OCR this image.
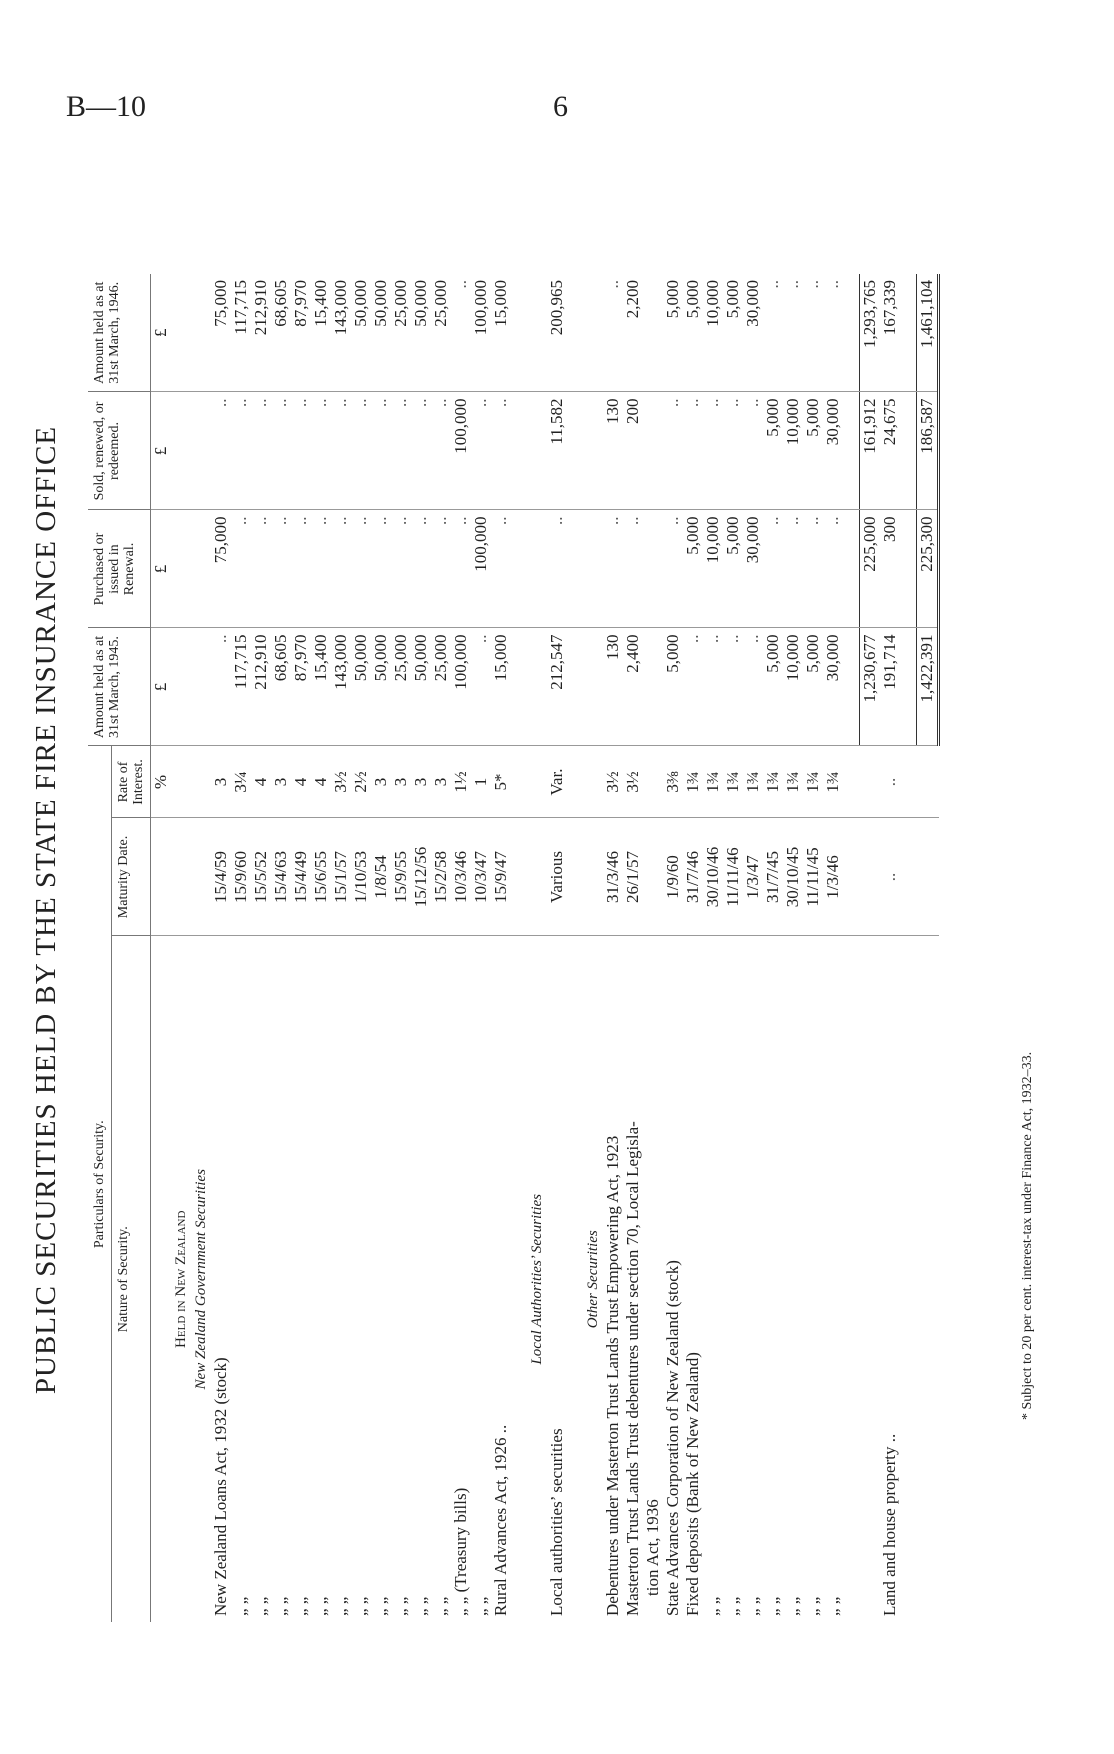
B—10	6
PUBLIC SECURITIES HELD BY THE STATE FIRE INSURANCE OFFICE Particulars of Security.			Amount held as at 31st March, 1945.	Purchased or issued in Renewal.	Sold, renewed, or redeemed.	Amount held as at 31st March, 1946.
Nature of Security.	Maturity Date.	Rate of Interest.				
		%	£	£	£	£
Held in New Zealand						
New Zealand Government Securities						
New Zealand Loans Act, 1932 (stock)	15/4/59	3	..	75,000	..	75,000
„ „	15/9/60	3¼	117,715	..	..	117,715
„ „	15/5/52	4	212,910	..	..	212,910
„ „	15/4/63	3	68,605	..	..	68,605
„ „	15/4/49	4	87,970	..	..	87,970
„ „	15/6/55	4	15,400	..	..	15,400
„ „	15/1/57	3½	143,000	..	..	143,000
„ „	1/10/53	2½	50,000	..	..	50,000
„ „	1/8/54	3	50,000	..	..	50,000
„ „	15/9/55	3	25,000	..	..	25,000
„ „	15/12/56	3	50,000	..	..	50,000
„ „	15/2/58	3	25,000	..	..	25,000
„ „ (Treasury bills)	10/3/46	1½	100,000	..	100,000	..
„ „	10/3/47	1	..	100,000	..	100,000
Rural Advances Act, 1926 ..	15/9/47	5*	15,000	..	..	15,000

Local Authorities’ Securities						
Local authorities’ securities	Various	Var.	212,547	..	11,582	200,965

Other Securities						
Debentures under Masterton Trust Lands Trust Empowering Act, 1923	31/3/46	3½	130	..	130	..
Masterton Trust Lands Trust debentures under section 70, Local Legisla-	26/1/57	3½	2,400	..	200	2,200
tion Act, 1936						
State Advances Corporation of New Zealand (stock)	1/9/60	3⅜	5,000	..	..	5,000
Fixed deposits (Bank of New Zealand)	31/7/46	1¾	..	5,000	..	5,000
„ „	30/10/46	1¾	..	10,000	..	10,000
„ „	11/11/46	1¾	..	5,000	..	5,000
„ „	1/3/47	1¾	..	30,000	..	30,000
„ „	31/7/45	1¾	5,000	..	5,000	..
„ „	30/10/45	1¾	10,000	..	10,000	..
„ „	11/11/45	1¾	5,000	..	5,000	..
„ „	1/3/46	1¾	30,000	..	30,000	..

			1,230,677	225,000	161,912	1,293,765
Land and house property ..	..	..	191,714	300	24,675	167,339

			1,422,391	225,300	186,587	1,461,104
* Subject to 20 per cent. interest-tax under Finance Act, 1932–33.
